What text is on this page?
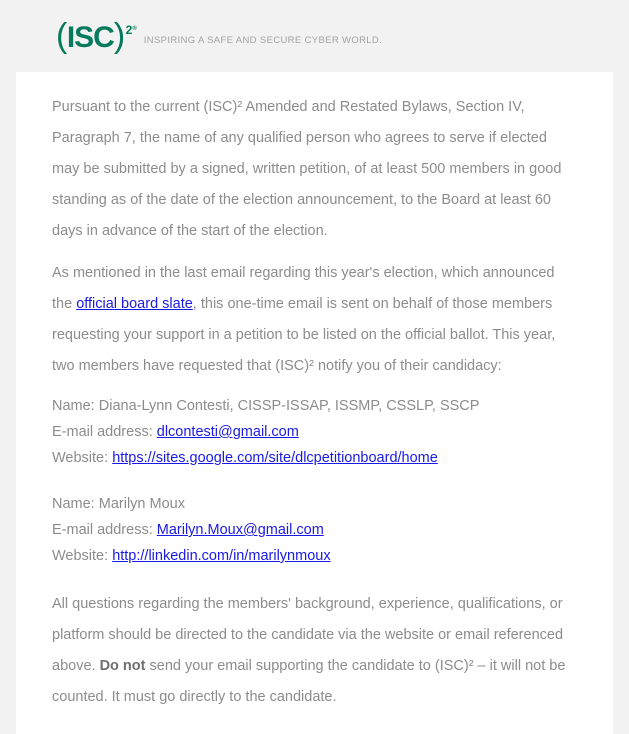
(ISC)$^{2^®}$
INSPIRING A SAFE AND SECURE CYBER WORLD.

Pursuant to the current (ISC)² Amended and Restated Bylaws, Section IV, Paragraph 7, the name of any qualified person who agrees to serve if elected may be submitted by a signed, written petition, of at least 500 members in good standing as of the date of the election announcement, to the Board at least 60 days in advance of the start of the election.

As mentioned in the last email regarding this year's election, which announced the official board slate, this one-time email is sent on behalf of those members requesting your support in a petition to be listed on the official ballot. This year, two members have requested that (ISC)² notify you of their candidacy:

Name: Diana-Lynn Contesti, CISSP-ISSAP, ISSMP, CSSLP, SSCP
E-mail address: dlcontesti@gmail.com
Website: https://sites.google.com/site/dlcpetitionboard/home

Name: Marilyn Moux
E-mail address: Marilyn.Moux@gmail.com
Website: http://linkedin.com/in/marilynmoux

All questions regarding the members' background, experience, qualifications, or platform should be directed to the candidate via the website or email referenced above. Do not send your email supporting the candidate to (ISC)² – it will not be counted. It must go directly to the candidate.
